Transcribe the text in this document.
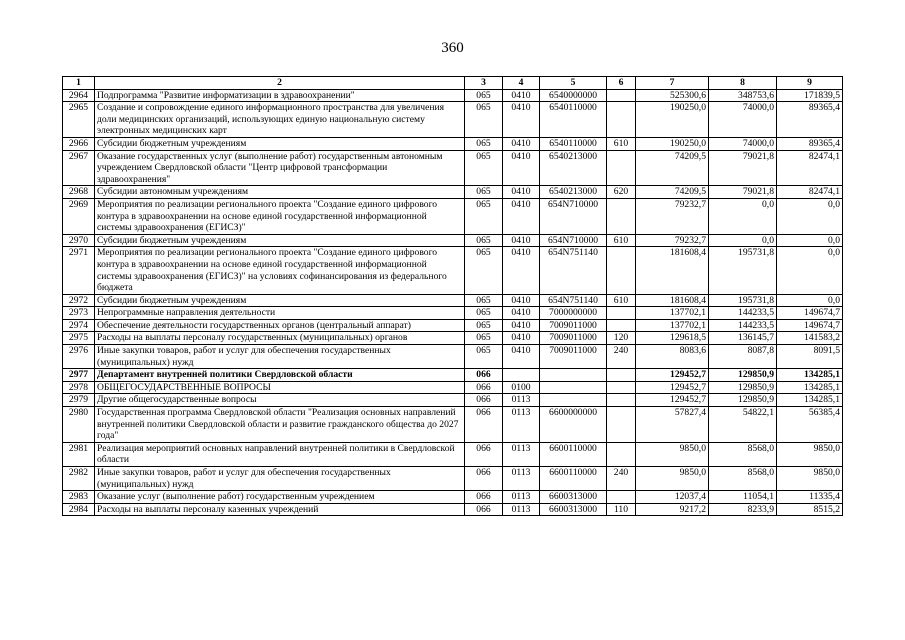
360
1	2	3	4	5	6	7	8	9
2964	Подпрограмма "Развитие информатизации в здравоохранении"	065	0410	6540000000		525300,6	348753,6	171839,5
2965	Создание и сопровождение единого информационного пространства для увеличения доли медицинских организаций, использующих единую национальную систему электронных медицинских карт	065	0410	6540110000		190250,0	74000,0	89365,4
2966	Субсидии бюджетным учреждениям	065	0410	6540110000	610	190250,0	74000,0	89365,4
2967	Оказание государственных услуг (выполнение работ) государственным автономным учреждением Свердловской области "Центр цифровой трансформации здравоохранения"	065	0410	6540213000		74209,5	79021,8	82474,1
2968	Субсидии автономным учреждениям	065	0410	6540213000	620	74209,5	79021,8	82474,1
2969	Мероприятия по реализации регионального проекта "Создание единого цифрового контура в здравоохранении на основе единой государственной информационной системы здравоохранения (ЕГИСЗ)"	065	0410	654N710000		79232,7	0,0	0,0
2970	Субсидии бюджетным учреждениям	065	0410	654N710000	610	79232,7	0,0	0,0
2971	Мероприятия по реализации регионального проекта "Создание единого цифрового контура в здравоохранении на основе единой государственной информационной системы здравоохранения (ЕГИСЗ)" на условиях софинансирования из федерального бюджета	065	0410	654N751140		181608,4	195731,8	0,0
2972	Субсидии бюджетным учреждениям	065	0410	654N751140	610	181608,4	195731,8	0,0
2973	Непрограммные направления деятельности	065	0410	7000000000		137702,1	144233,5	149674,7
2974	Обеспечение деятельности государственных органов (центральный аппарат)	065	0410	7009011000		137702,1	144233,5	149674,7
2975	Расходы на выплаты персоналу государственных (муниципальных) органов	065	0410	7009011000	120	129618,5	136145,7	141583,2
2976	Иные закупки товаров, работ и услуг для обеспечения государственных (муниципальных) нужд	065	0410	7009011000	240	8083,6	8087,8	8091,5
2977	Департамент внутренней политики Свердловской области	066				129452,7	129850,9	134285,1
2978	ОБЩЕГОСУДАРСТВЕННЫЕ ВОПРОСЫ	066	0100			129452,7	129850,9	134285,1
2979	Другие общегосударственные вопросы	066	0113			129452,7	129850,9	134285,1
2980	Государственная программа Свердловской области "Реализация основных направлений внутренней политики Свердловской области и развитие гражданского общества до 2027 года"	066	0113	6600000000		57827,4	54822,1	56385,4
2981	Реализация мероприятий основных направлений внутренней политики в Свердловской области	066	0113	6600110000		9850,0	8568,0	9850,0
2982	Иные закупки товаров, работ и услуг для обеспечения государственных (муниципальных) нужд	066	0113	6600110000	240	9850,0	8568,0	9850,0
2983	Оказание услуг (выполнение работ) государственным учреждением	066	0113	6600313000		12037,4	11054,1	11335,4
2984	Расходы на выплаты персоналу казенных учреждений	066	0113	6600313000	110	9217,2	8233,9	8515,2
